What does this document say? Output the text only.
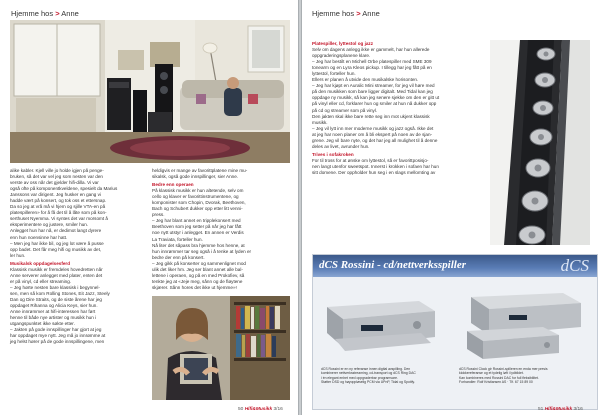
Hjemme hos > Anne

alike kabler. Kjell ville jo holde igjen på penge-

bruken, så det var vel jeg som nesten var den

verste av oss når det gjelder hifi-dilla. Vi var

også ofte på komponentkveldene, spesielt da Marius

Janssons var dirigent. Jeg husker en gang vi

hadde vært på konsert, og tok oss et ettersnap.

Da so jeg at vrå må vi hjem og sjille VTA-en på

platespilleren» for å få det til å låte som på kon-

serthuset Nyemma. Vi syntes det var morsomt å

eksperimentere og justere, smiler hun.

Anlegget hun har nå, er dedimot langt dyrere

enn hun noensinne har hatt.

– Men jeg har ikke bil, og jeg lot være å pusse

opp badet. Det får meg hifi og musikk av det,

ler hun.

Musikalsk oppdagelsesferd

Klassisk musikk er fremdeles hovedretten når

Anne serverer anlegget med plater, enten det

er på vinyl, cd eller streaming.

– Jeg hørte nesten bare klassisk i begynnel-

sen, men så kom Rolling Stones, Eit Jazz, Steely

Dan og Dire Straits, og de siste årene har jeg

oppdaget Rihanna og Alicia Keys, sier hun.

Anne innrømmer at hifi-interessen har ført

henne til både nye artister og musikk hun i

utgangspunktet ikke søkte etter.

– Jakten på gode innspillinger har gjort at jeg

har oppdaget mye nytt. Jeg må jo innrømme at

jeg helst hører på de gode innspillingene, men

heldigvis er mange av favorittplatene mine mu-

sikalsk, også gode innspillinger, sier Anne.

Bedre enn operaen

På klassisk musikk er hun altetende, selv om

cello og klaver er favorittinstrumentene, og

komponister som Chopin, Dvorak, Beethoven,

Bach og Schubert dukker opp etter litt venni-

press.

– Jeg har blant annet en tripplekonsert med

Beethoven som jeg setter på når jeg har fått

noe nytt utstyr i anlegget. En annen er Verdis

La Traviata, forteller hun.

Nå liter det såpass bra hjemme hos henne, at

hun innrømmer tar seg også i å tenke at lyden er

bedre der enn på konsert.

– Jeg gikk på konserter og sammenlignet mod

ulik det liker hm. Jeg ser blant annet alle bal-

lettene i operaen, og på en med Prokofiev, så

tenkte jeg at «Jeje meg, sånn og de fløytene

skjærer. Sånn hores det ikke ut hjemme»!

50 Hifi&Musikk 3/16
Hjemme hos > Anne

Platespiller, lyttestol og jazz

Selv om dagens anlegg ikke er gammelt, har hun allerede

oppgraderingsplanene klare.

– Jeg har bestilt en Michell Orbe platespiller med SME 309

tonearm og en Lyra Kleos pickup. I tillegg har jeg fått på en

lyttestol, forteller hun.

Ellers er planen å utvide den musikalske horisonten.

– Jeg har kjøpt en Auralic Mini streamer, for jeg vil høre med

på den musikken som bare ligger digitalt. Med Tidal kan jeg

oppdage ny musikk, så kan jeg senere sjekke om den er gitt ut

på vinyl eller cd, forklarer hun og smiler at hun nå dukker opp

på cd og streamer som på vinyl.

Den jakten skal ikke bare rette seg inn mot ukjent klassisk

musikk.

– Jeg vil lytt inn mer moderne musikk og jazz også. Ikke det

at jeg har noen planer om å bli ekspert på noen av de sjan-

grene. Jeg vil bare nyte, og det har jeg all mulighet til å denne

deles av livet, avrunder hun.

Trives i sofakroken

For til tross for at ønske om lyttestol, så er favorittposisjo-

nen langt utenfor sweetspot. Innerst i krokken i sofaen har hun

sitt domene. Der oppholder hun seg i en slags mellomting av

dCS Rossini - cd/nettverksspiller	dCS

dCS Rossini er en ny referanse innen digital avspilling. Den

kombinerer nettverksstreaming, cd-transport og dCS Ring DAC

i én elegant enhet med oppgraderbar programvare.

Støtter DSD og høyoppløselig PCM via UPnP, Tidal og Spotify.

dCS Rossini Clock gir Rossini-spilleren en enda mer presis

klokkereferanse og et tydelig løft i lydbildet.

Kan kombineres med Rossini DAC for full fleksibilitet.

Forhandler: Rolf Kristiansen AS · Tlf. 67 15 89 00

51 Hifi&Musikk 3/16
